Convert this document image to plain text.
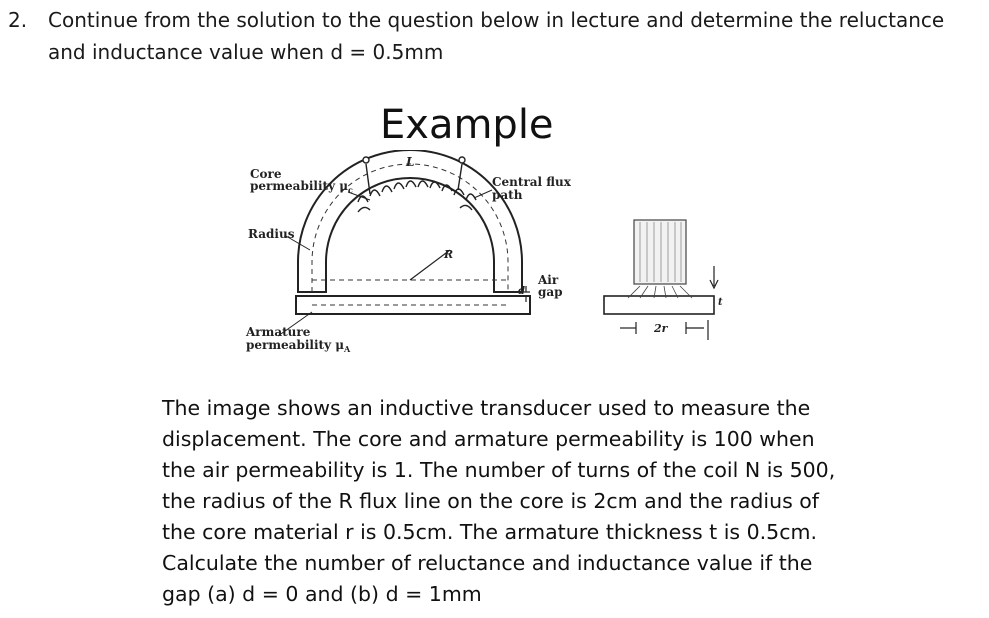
2. Continue from the solution to the question below in lecture and determine the reluctance and inductance value when d = 0.5mm
Example
Core
permeability $\mu_c$
L
Central flux
path
Radius
R
Air
gap
d
Armature
permeability $\mu_A$
2r
t
The image shows an inductive transducer used to measure the displacement. The core and armature permeability is 100 when the air permeability is 1. The number of turns of the coil N is 500, the radius of the R flux line on the core is 2cm and the radius of the core material r is 0.5cm. The armature thickness t is 0.5cm. Calculate the number of reluctance and inductance value if the gap (a) d = 0 and (b) d = 1mm
